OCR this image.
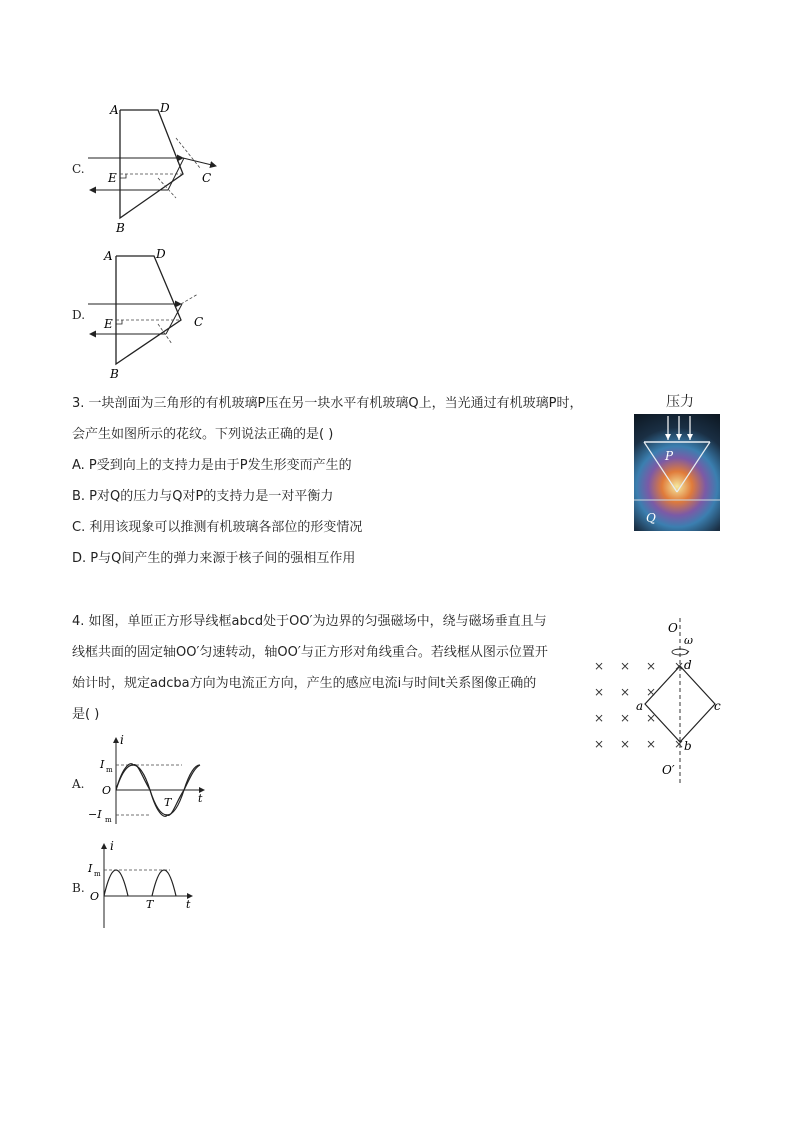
C.
A	D
E	C
B
D.
A	D
E	C
B
3. 一块剖面为三角形的有机玻璃P压在另一块水平有机玻璃Q上，当光通过有机玻璃P时，
会产生如图所示的花纹。下列说法正确的是( )
A. P受到向上的支持力是由于P发生形变而产生的
B. P对Q的压力与Q对P的支持力是一对平衡力
C. 利用该现象可以推测有机玻璃各部位的形变情况
D. P与Q间产生的弹力来源于核子间的强相互作用
压力
P
Q
4. 如图，单匝正方形导线框abcd处于OO′为边界的匀强磁场中，绕与磁场垂直且与
线框共面的固定轴OO′匀速转动，轴OO′与正方形对角线重合。若线框从图示位置开
始计时，规定adcba方向为电流正方向，产生的感应电流i与时间t关系图像正确的
是( )
× × × ×
× × ×
× × ×
× × × ×
O
ω
d
a	c
b
O′
A.
i
I m
O
−I m
T t
B.
i
I m
O
T	t
